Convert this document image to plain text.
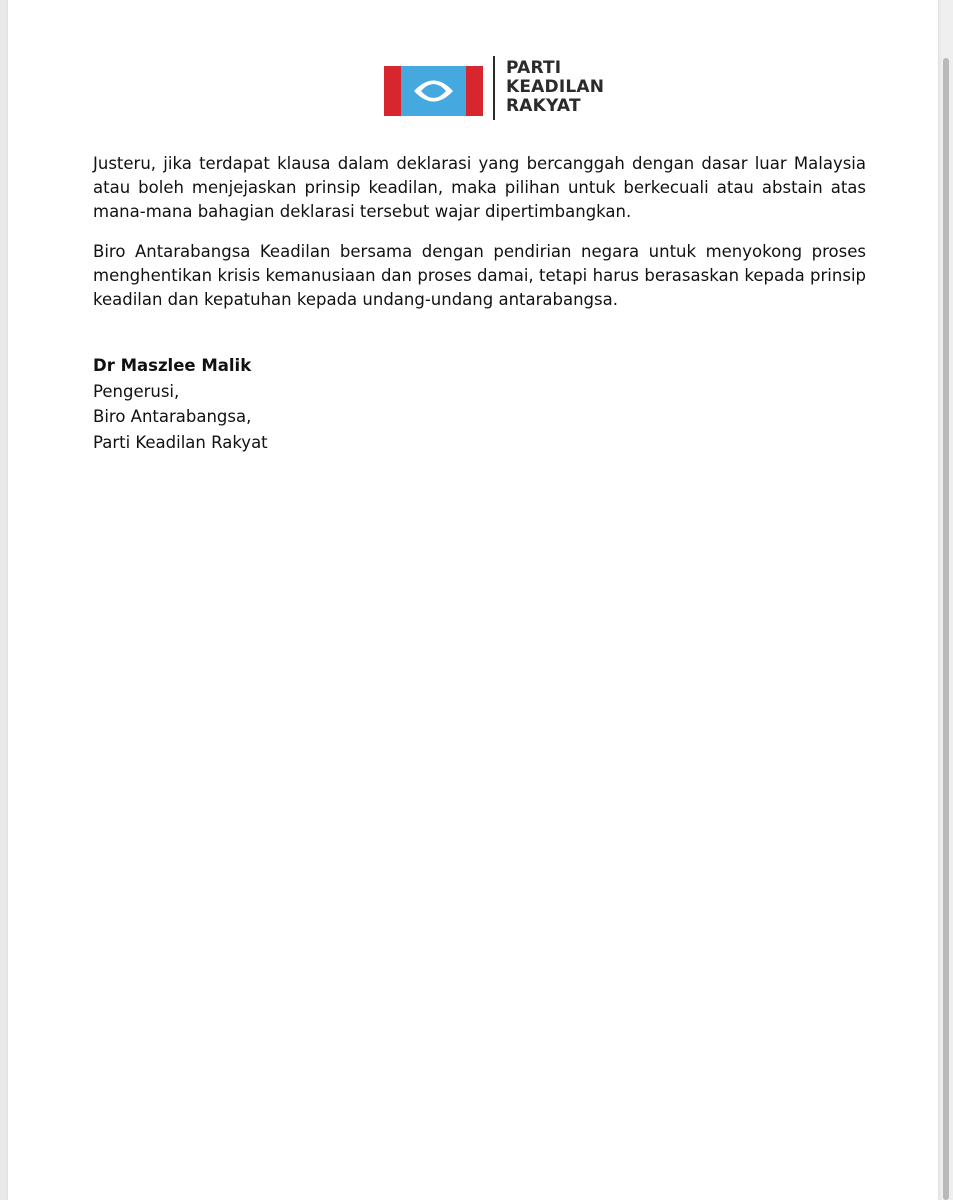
PARTI
KEADILAN
RAKYAT

Justeru, jika terdapat klausa dalam deklarasi yang bercanggah dengan dasar luar Malaysia atau boleh menjejaskan prinsip keadilan, maka pilihan untuk berkecuali atau abstain atas mana-mana bahagian deklarasi tersebut wajar dipertimbangkan.

Biro Antarabangsa Keadilan bersama dengan pendirian negara untuk menyokong proses menghentikan krisis kemanusiaan dan proses damai, tetapi harus berasaskan kepada prinsip keadilan dan kepatuhan kepada undang-undang antarabangsa.

Dr Maszlee Malik
Pengerusi,
Biro Antarabangsa,
Parti Keadilan Rakyat
